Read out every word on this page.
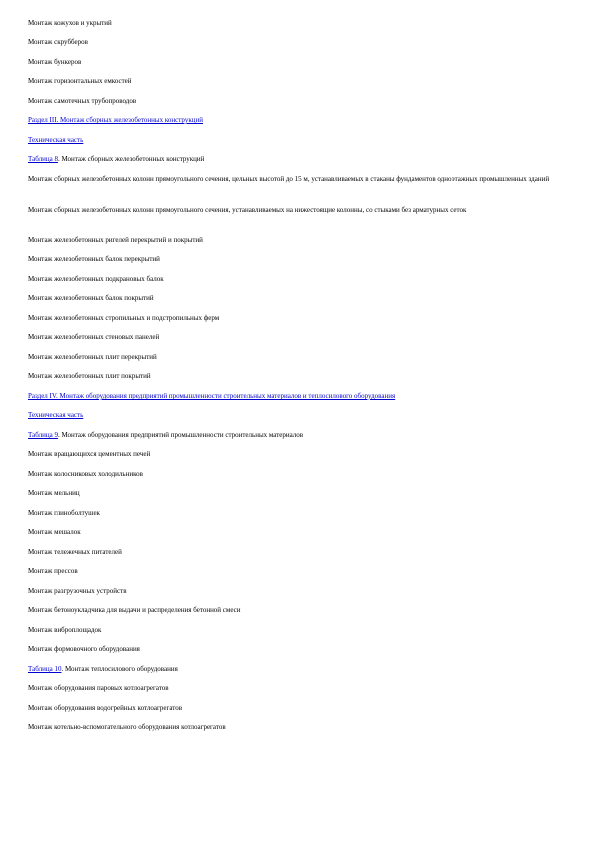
Монтаж кожухов и укрытий
Монтаж скрубберов
Монтаж бункеров
Монтаж горизонтальных емкостей
Монтаж самотечных трубопроводов
Раздел III. Монтаж сборных железобетонных конструкций
Техническая часть
Таблица 8. Монтаж сборных железобетонных конструкций
Монтаж сборных железобетонных колонн прямоугольного сечения, цельных высотой до 15 м, устанавливаемых в стаканы фундаментов одноэтажных промышленных зданий
Монтаж сборных железобетонных колонн прямоугольного сечения, устанавливаемых на нижестоящие колонны, со стыками без арматурных сеток
Монтаж железобетонных ригелей перекрытий и покрытий
Монтаж железобетонных балок перекрытий
Монтаж железобетонных подкрановых балок
Монтаж железобетонных балок покрытий
Монтаж железобетонных стропильных и подстропильных ферм
Монтаж железобетонных стеновых панелей
Монтаж железобетонных плит перекрытий
Монтаж железобетонных плит покрытий
Раздел IV. Монтаж оборудования предприятий промышленности строительных материалов и теплосилового оборудования
Техническая часть
Таблица 9. Монтаж оборудования предприятий промышленности строительных материалов
Монтаж вращающихся цементных печей
Монтаж колосниковых холодильников
Монтаж мельниц
Монтаж глиноболтушек
Монтаж мешалок
Монтаж тележечных питателей
Монтаж прессов
Монтаж разгрузочных устройств
Монтаж бетоноукладчика для выдачи и распределения бетонной смеси
Монтаж виброплощадок
Монтаж формовочного оборудования
Таблица 10. Монтаж теплосилового оборудования
Монтаж оборудования паровых котлоагрегатов
Монтаж оборудования водогрейных котлоагрегатов
Монтаж котельно-вспомогательного оборудования котлоагрегатов
